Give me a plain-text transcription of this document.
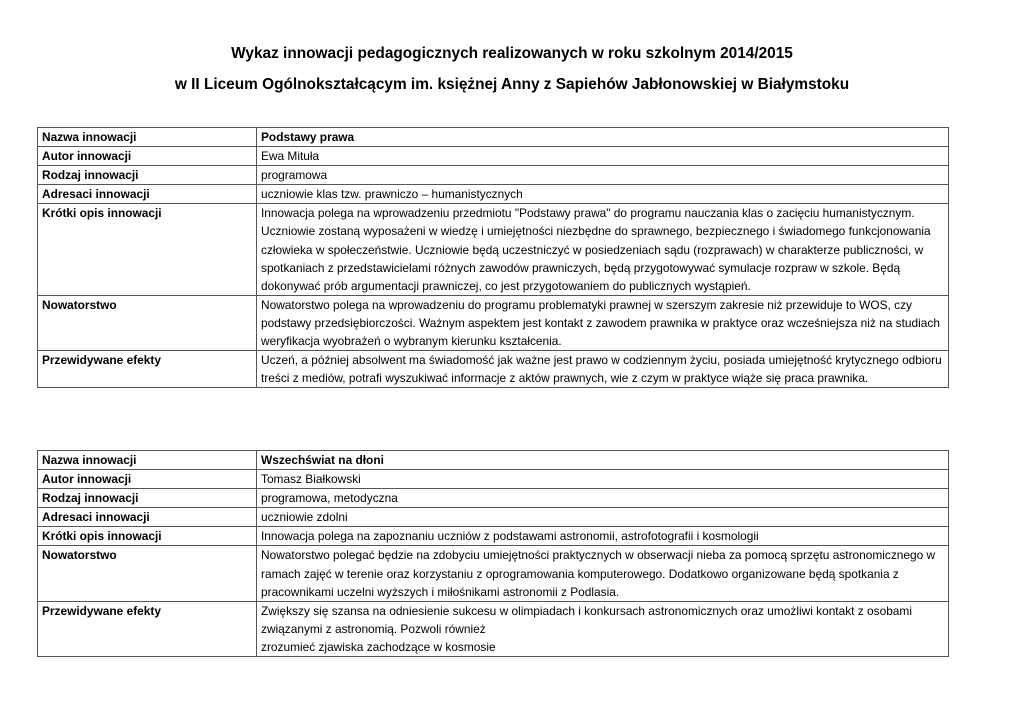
Wykaz innowacji pedagogicznych realizowanych w roku szkolnym 2014/2015
w II Liceum Ogólnokształcącym im. księżnej Anny z Sapiehów Jabłonowskiej w Białymstoku
Nazwa innowacji	Podstawy prawa
Autor innowacji	Ewa Mituła
Rodzaj innowacji	programowa
Adresaci innowacji	uczniowie klas tzw. prawniczo – humanistycznych
Krótki opis innowacji	Innowacja polega na wprowadzeniu przedmiotu "Podstawy prawa" do programu nauczania klas o zacięciu humanistycznym. Uczniowie zostaną wyposażeni w wiedzę i umiejętności niezbędne do sprawnego, bezpiecznego i świadomego funkcjonowania człowieka w społeczeństwie. Uczniowie będą uczestniczyć w posiedzeniach sądu (rozprawach) w charakterze publiczności, w spotkaniach z przedstawicielami różnych zawodów prawniczych, będą przygotowywać symulacje rozpraw w szkole. Będą dokonywać prób argumentacji prawniczej, co jest przygotowaniem do publicznych wystąpień.
Nowatorstwo	Nowatorstwo polega na wprowadzeniu do programu problematyki prawnej w szerszym zakresie niż przewiduje to WOS, czy podstawy przedsiębiorczości. Ważnym aspektem jest kontakt z zawodem prawnika w praktyce oraz wcześniejsza niż na studiach weryfikacja wyobrażeń o wybranym kierunku kształcenia.
Przewidywane efekty	Uczeń, a później absolwent ma świadomość jak ważne jest prawo w codziennym życiu, posiada umiejętność krytycznego odbioru treści z mediów, potrafi wyszukiwać informacje z aktów prawnych, wie z czym w praktyce wiąże się praca prawnika.
Nazwa innowacji	Wszechświat na dłoni
Autor innowacji	Tomasz Białkowski
Rodzaj innowacji	programowa, metodyczna
Adresaci innowacji	uczniowie zdolni
Krótki opis innowacji	Innowacja polega na zapoznaniu uczniów z podstawami astronomii, astrofotografii i kosmologii
Nowatorstwo	Nowatorstwo polegać będzie na zdobyciu umiejętności praktycznych w obserwacji nieba za pomocą sprzętu astronomicznego w ramach zajęć w terenie oraz korzystaniu z oprogramowania komputerowego. Dodatkowo organizowane będą spotkania z pracownikami uczelni wyższych i miłośnikami astronomii z Podlasia.
Przewidywane efekty	Zwiększy się szansa na odniesienie sukcesu w olimpiadach i konkursach astronomicznych oraz umożliwi kontakt z osobami związanymi z astronomią. Pozwoli również
zrozumieć zjawiska zachodzące w kosmosie
